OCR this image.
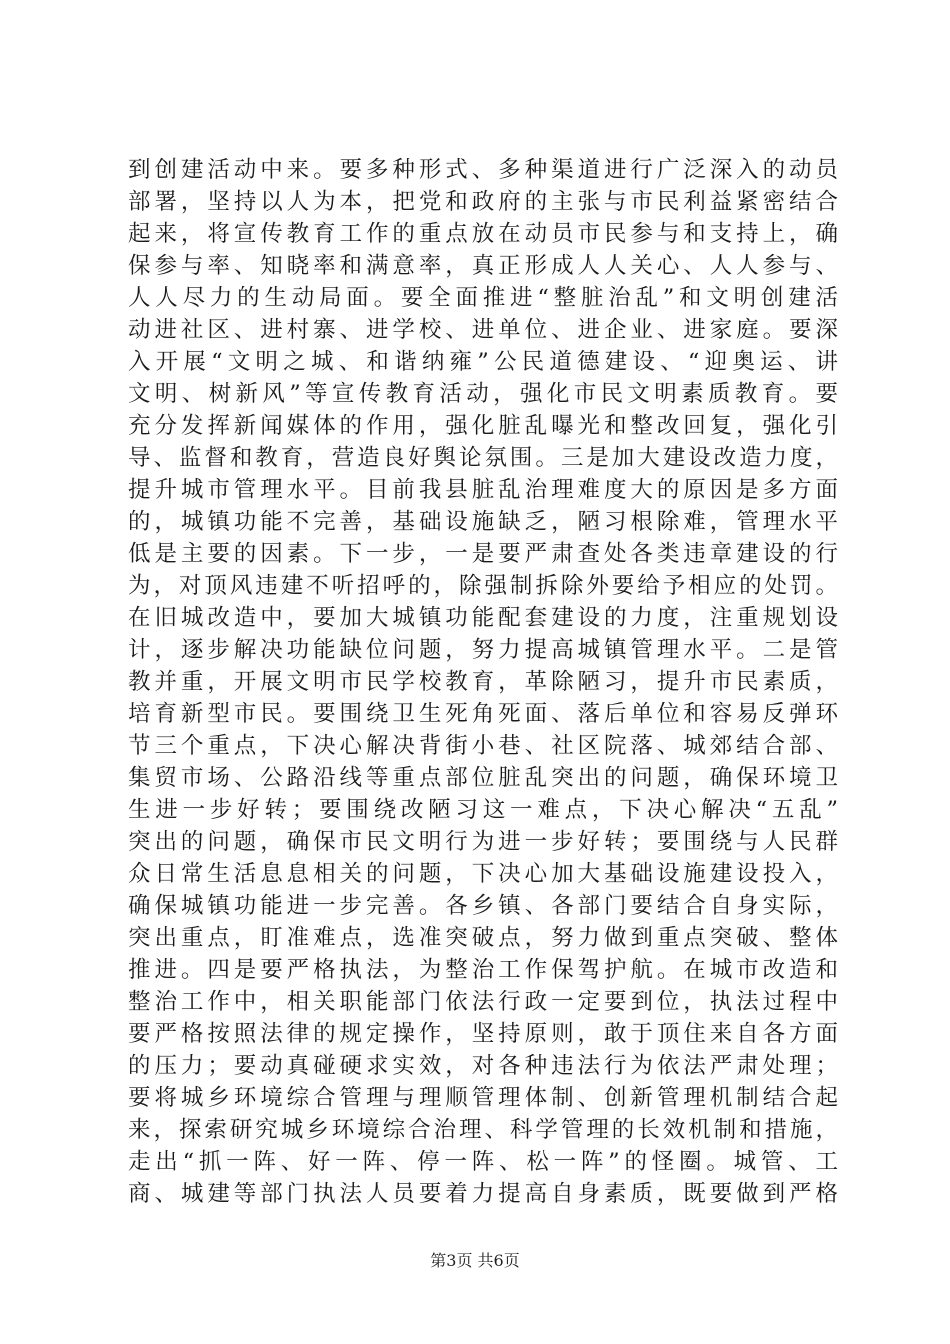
到创建活动中来。要多种形式、多种渠道进行广泛深入的动员
部署，坚持以人为本，把党和政府的主张与市民利益紧密结合
起来，将宣传教育工作的重点放在动员市民参与和支持上，确
保参与率、知晓率和满意率，真正形成人人关心、人人参与、
人人尽力的生动局面。要全面推进“整脏治乱”和文明创建活
动进社区、进村寨、进学校、进单位、进企业、进家庭。要深
入开展“文明之城、和谐纳雍”公民道德建设、“迎奥运、讲
文明、树新风”等宣传教育活动，强化市民文明素质教育。要
充分发挥新闻媒体的作用，强化脏乱曝光和整改回复，强化引
导、监督和教育，营造良好舆论氛围。三是加大建设改造力度，
提升城市管理水平。目前我县脏乱治理难度大的原因是多方面
的，城镇功能不完善，基础设施缺乏，陋习根除难，管理水平
低是主要的因素。下一步，一是要严肃查处各类违章建设的行
为，对顶风违建不听招呼的，除强制拆除外要给予相应的处罚。
在旧城改造中，要加大城镇功能配套建设的力度，注重规划设
计，逐步解决功能缺位问题，努力提高城镇管理水平。二是管
教并重，开展文明市民学校教育，革除陋习，提升市民素质，
培育新型市民。要围绕卫生死角死面、落后单位和容易反弹环
节三个重点，下决心解决背街小巷、社区院落、城郊结合部、
集贸市场、公路沿线等重点部位脏乱突出的问题，确保环境卫
生进一步好转；要围绕改陋习这一难点，下决心解决“五乱”
突出的问题，确保市民文明行为进一步好转；要围绕与人民群
众日常生活息息相关的问题，下决心加大基础设施建设投入，
确保城镇功能进一步完善。各乡镇、各部门要结合自身实际，
突出重点，盯准难点，选准突破点，努力做到重点突破、整体
推进。四是要严格执法，为整治工作保驾护航。在城市改造和
整治工作中，相关职能部门依法行政一定要到位，执法过程中
要严格按照法律的规定操作，坚持原则，敢于顶住来自各方面
的压力；要动真碰硬求实效，对各种违法行为依法严肃处理；
要将城乡环境综合管理与理顺管理体制、创新管理机制结合起
来，探索研究城乡环境综合治理、科学管理的长效机制和措施，
走出“抓一阵、好一阵、停一阵、松一阵”的怪圈。城管、工
商、城建等部门执法人员要着力提高自身素质，既要做到严格
第3页 共6页
